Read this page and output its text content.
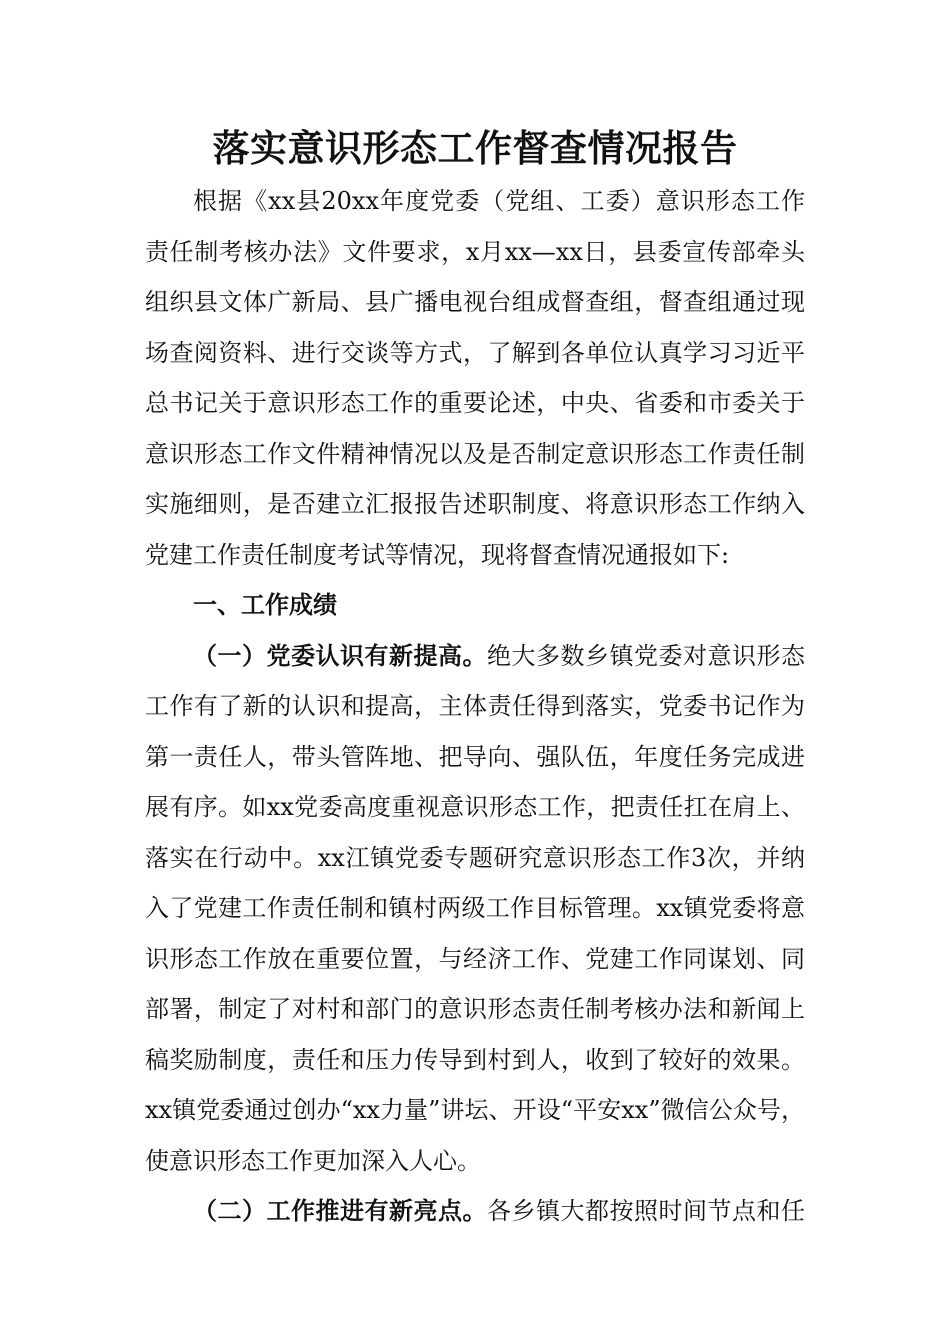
落实意识形态工作督查情况报告

根据《xx县20xx年度党委（党组、工委）意识形态工作责任制考核办法》文件要求，x月xx—xx日，县委宣传部牵头组织县文体广新局、县广播电视台组成督查组，督查组通过现场查阅资料、进行交谈等方式，了解到各单位认真学习习近平总书记关于意识形态工作的重要论述，中央、省委和市委关于意识形态工作文件精神情况以及是否制定意识形态工作责任制实施细则，是否建立汇报报告述职制度、将意识形态工作纳入党建工作责任制度考试等情况，现将督查情况通报如下:

一、工作成绩

（一）党委认识有新提高。绝大多数乡镇党委对意识形态工作有了新的认识和提高，主体责任得到落实，党委书记作为第一责任人，带头管阵地、把导向、强队伍，年度任务完成进展有序。如xx党委高度重视意识形态工作，把责任扛在肩上、落实在行动中。xx江镇党委专题研究意识形态工作3次，并纳入了党建工作责任制和镇村两级工作目标管理。xx镇党委将意识形态工作放在重要位置，与经济工作、党建工作同谋划、同部署，制定了对村和部门的意识形态责任制考核办法和新闻上稿奖励制度，责任和压力传导到村到人，收到了较好的效果。xx镇党委通过创办“xx力量”讲坛、开设“平安xx”微信公众号，使意识形态工作更加深入人心。

（二）工作推进有新亮点。各乡镇大都按照时间节点和任
